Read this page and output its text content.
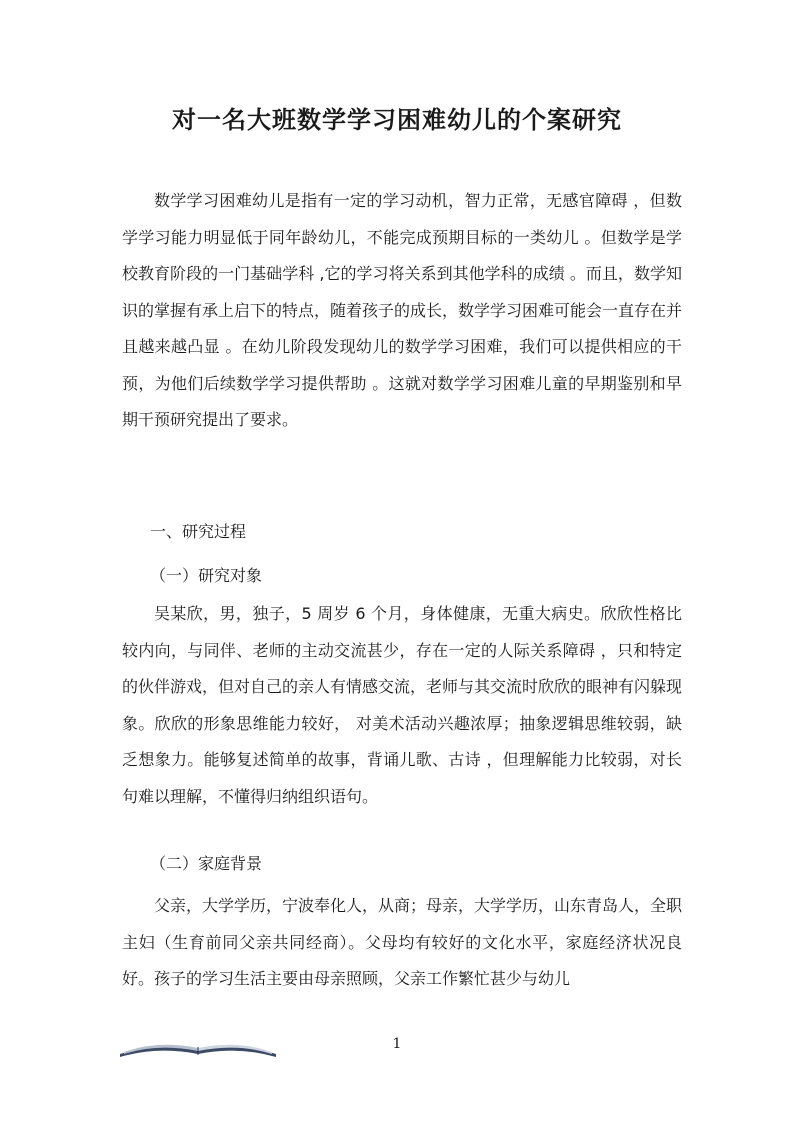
对一名大班数学学习困难幼儿的个案研究

数学学习困难幼儿是指有一定的学习动机，智力正常，无感官障碍 ，但数学学习能力明显低于同年龄幼儿，不能完成预期目标的一类幼儿 。但数学是学校教育阶段的一门基础学科 ,它的学习将关系到其他学科的成绩 。而且，数学知识的掌握有承上启下的特点，随着孩子的成长，数学学习困难可能会一直存在并且越来越凸显 。在幼儿阶段发现幼儿的数学学习困难，我们可以提供相应的干预，为他们后续数学学习提供帮助 。这就对数学学习困难儿童的早期鉴别和早期干预研究提出了要求。

一、研究过程
（一）研究对象

吴某欣，男，独子，5 周岁 6 个月，身体健康，无重大病史。欣欣性格比较内向，与同伴、老师的主动交流甚少，存在一定的人际关系障碍 ，只和特定的伙伴游戏，但对自己的亲人有情感交流，老师与其交流时欣欣的眼神有闪躲现象。欣欣的形象思维能力较好， 对美术活动兴趣浓厚；抽象逻辑思维较弱，缺乏想象力。能够复述简单的故事，背诵儿歌、古诗 ，但理解能力比较弱，对长句难以理解，不懂得归纳组织语句。

（二）家庭背景

父亲，大学学历，宁波奉化人，从商；母亲，大学学历，山东青岛人，全职主妇（生育前同父亲共同经商）。父母均有较好的文化水平，家庭经济状况良好。孩子的学习生活主要由母亲照顾，父亲工作繁忙甚少与幼儿

1
